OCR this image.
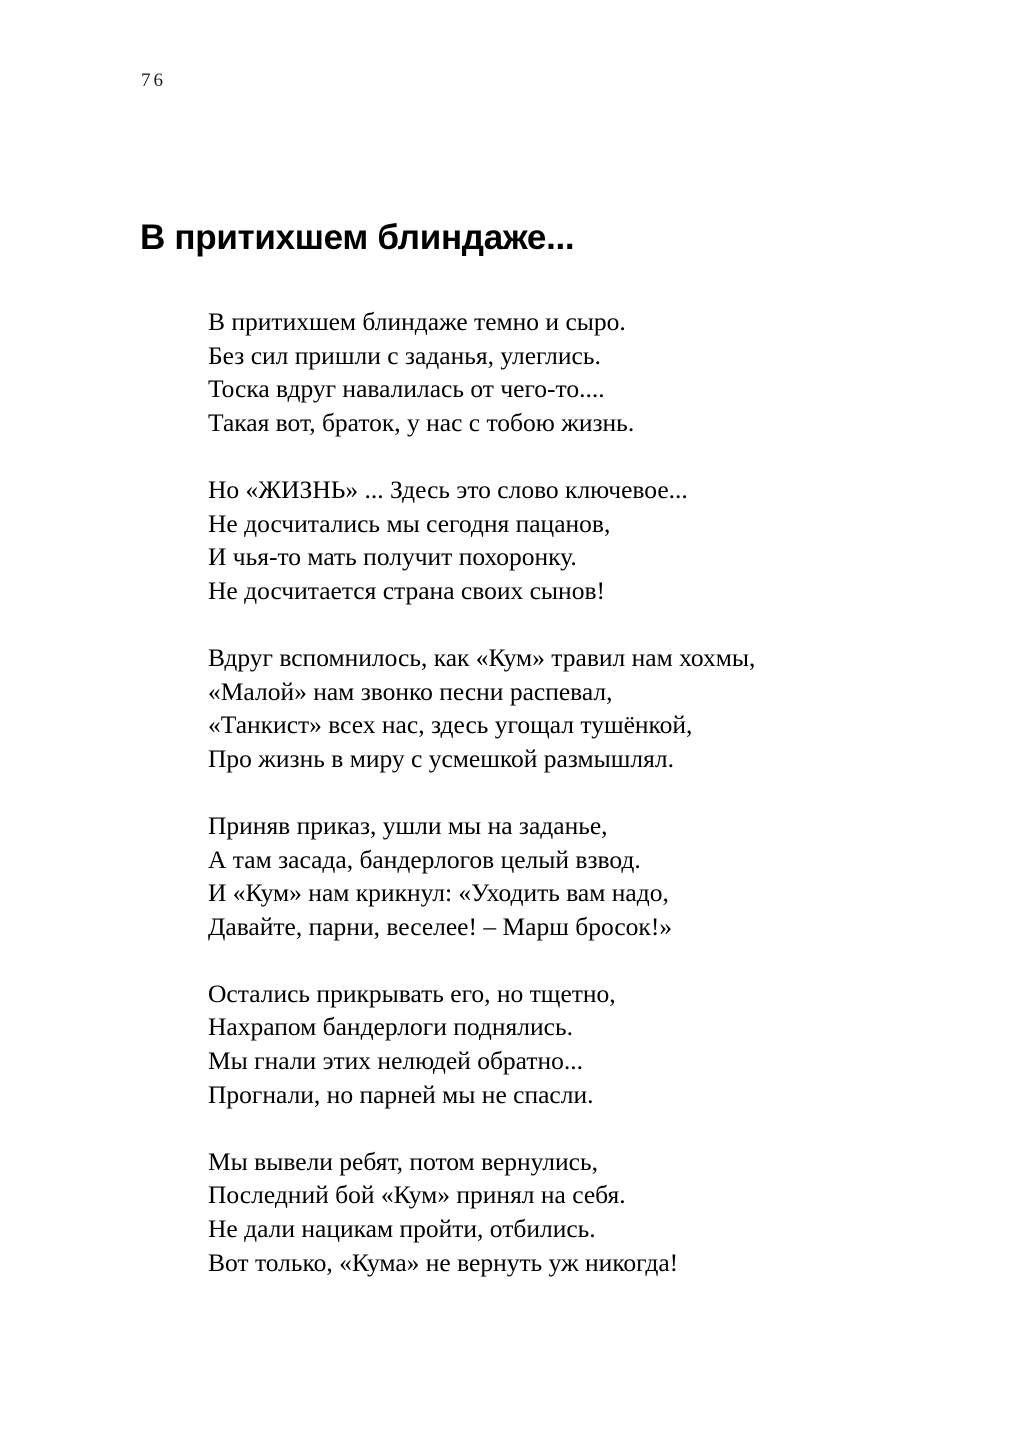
76
В притихшем блиндаже...
В притихшем блиндаже темно и сыро.
Без сил пришли с заданья, улеглись.
Тоска вдруг навалилась от чего-то....
Такая вот, браток, у нас с тобою жизнь.
Но «ЖИЗНЬ» ... Здесь это слово ключевое...
Не досчитались мы сегодня пацанов,
И чья-то мать получит похоронку.
Не досчитается страна своих сынов!
Вдруг вспомнилось, как «Кум» травил нам хохмы,
«Малой» нам звонко песни распевал,
«Танкист» всех нас, здесь угощал тушёнкой,
Про жизнь в миру с усмешкой размышлял.
Приняв приказ, ушли мы на заданье,
А там засада, бандерлогов целый взвод.
И «Кум» нам крикнул: «Уходить вам надо,
Давайте, парни, веселее! – Марш бросок!»
Остались прикрывать его, но тщетно,
Нахрапом бандерлоги поднялись.
Мы гнали этих нелюдей обратно...
Прогнали, но парней мы не спасли.
Мы вывели ребят, потом вернулись,
Последний бой «Кум» принял на себя.
Не дали нацикам пройти, отбились.
Вот только, «Кума» не вернуть уж никогда!
